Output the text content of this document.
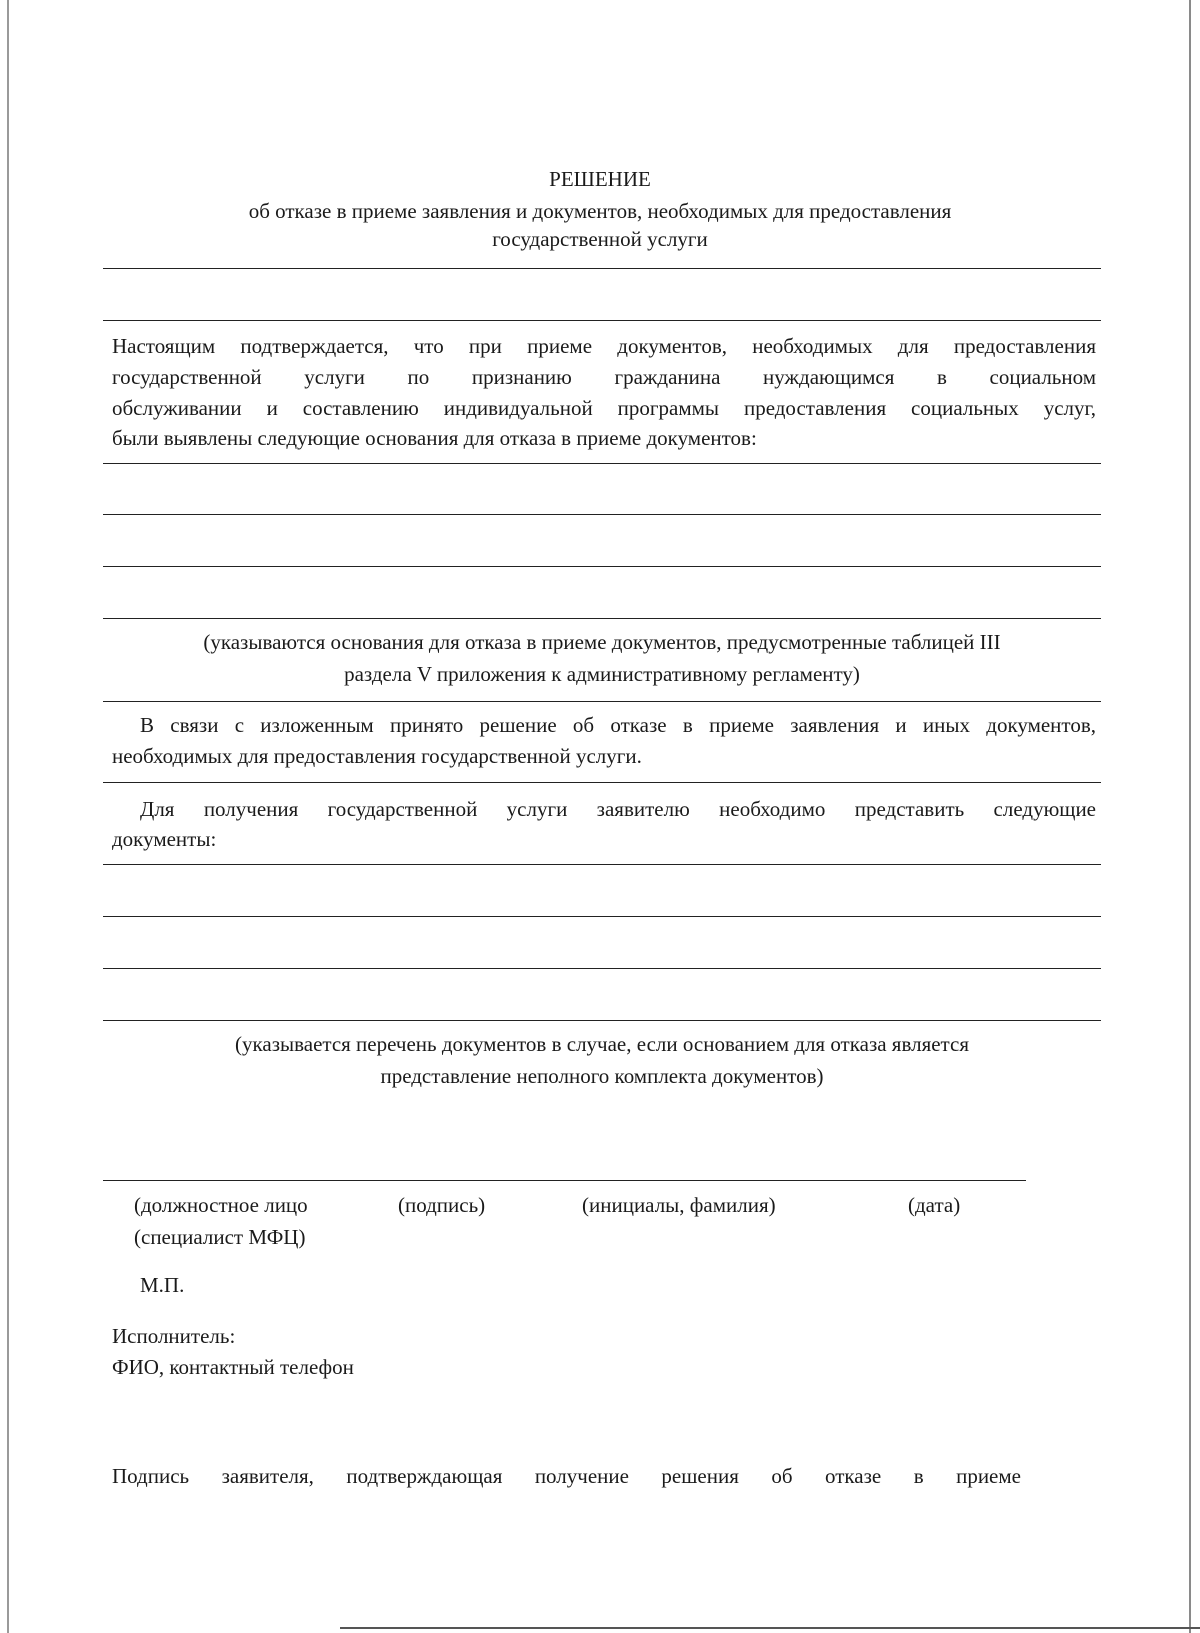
РЕШЕНИЕ
об отказе в приеме заявления и документов, необходимых для предоставления
государственной услуги
Настоящим подтверждается, что при приеме документов, необходимых для предоставления
государственной услуги по признанию гражданина нуждающимся в социальном
обслуживании и составлению индивидуальной программы предоставления социальных услуг,
были выявлены следующие основания для отказа в приеме документов:
(указываются основания для отказа в приеме документов, предусмотренные таблицей III
раздела V приложения к административному регламенту)
В связи с изложенным принято решение об отказе в приеме заявления и иных документов,
необходимых для предоставления государственной услуги.
Для получения государственной услуги заявителю необходимо представить следующие
документы:
(указывается перечень документов в случае, если основанием для отказа является
представление неполного комплекта документов)
(должностное лицо
(специалист МФЦ)
(подпись)	(инициалы, фамилия)	(дата)
М.П.
Исполнитель:
ФИО, контактный телефон
Подпись заявителя, подтверждающая получение решения об отказе в приеме
